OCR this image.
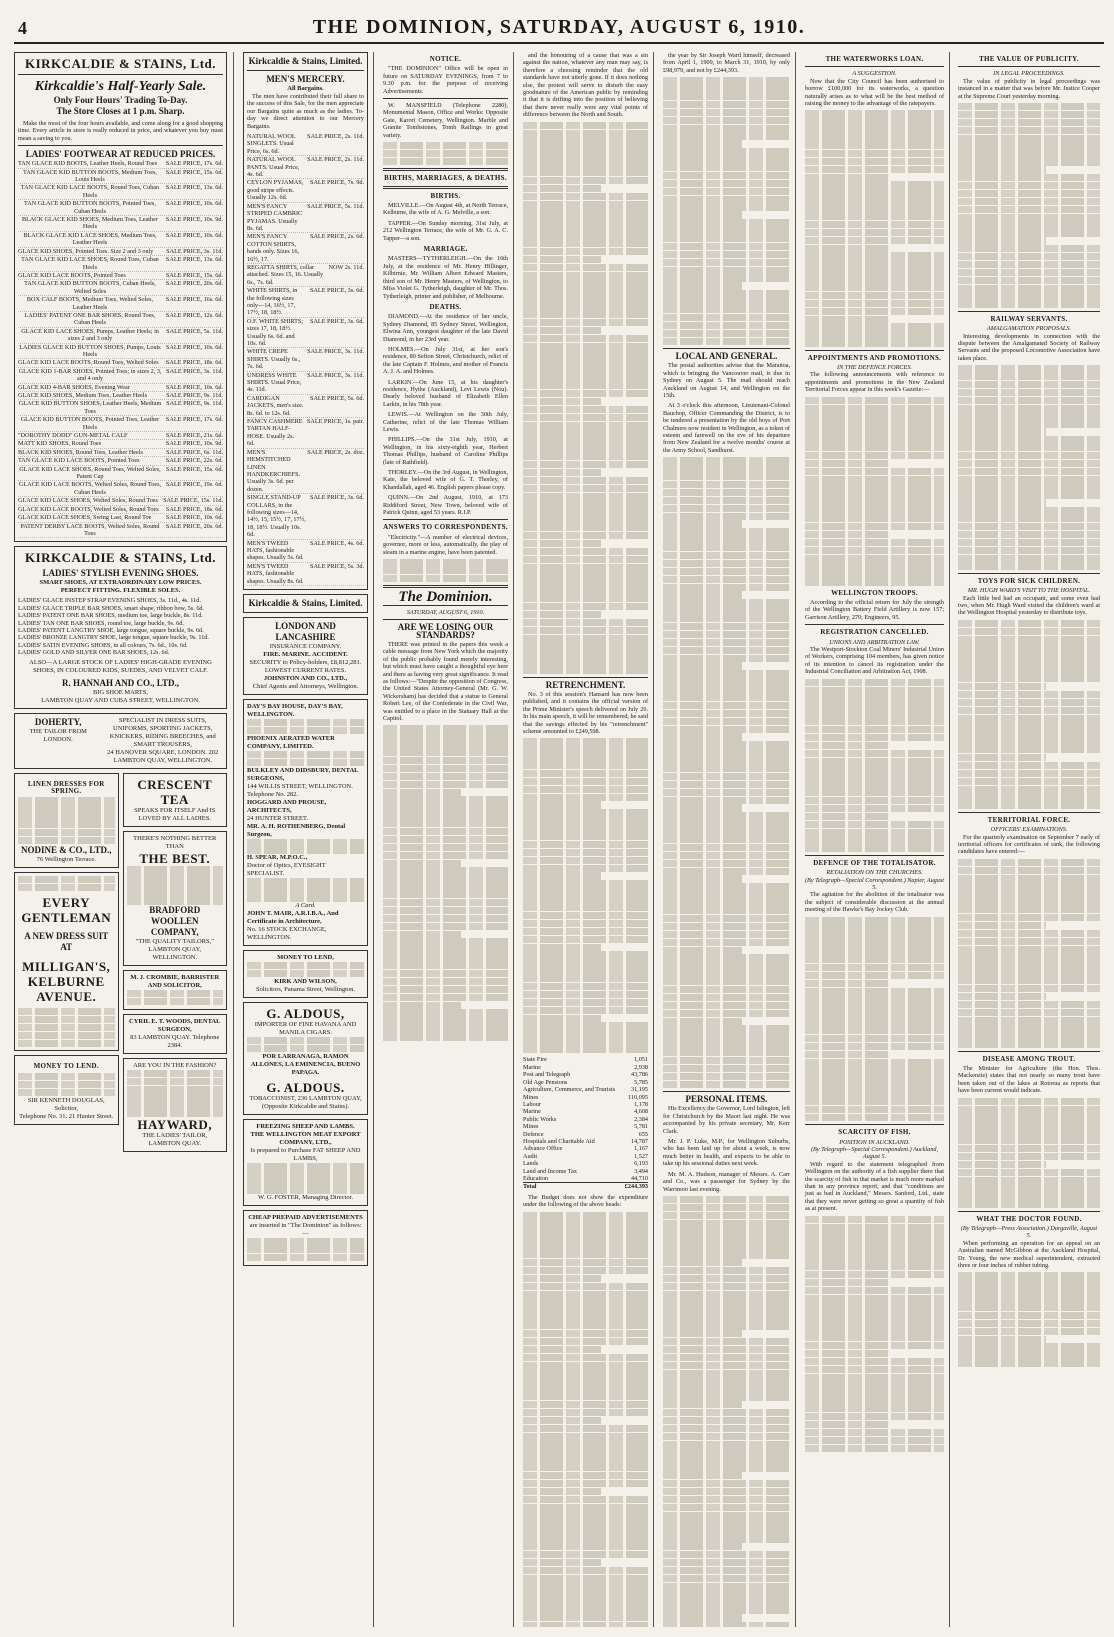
4	THE DOMINION, SATURDAY, AUGUST 6, 1910.
KIRKCALDIE & STAINS, Ltd.
Kirkcaldie's Half-Yearly Sale.
Only Four Hours' Trading To-Day.
The Store Closes at 1 p.m. Sharp.
Make the most of the four hours available, and come along for a good shopping time. Every article in store is really reduced in price, and whatever you buy must mean a saving to you.
LADIES' FOOTWEAR AT REDUCED PRICES.
TAN GLACE KID BOOTS, Leather Heels, Round Toes SALE PRICE, 17s. 6d.
TAN GLACE KID BUTTON BOOTS, Medium Toes, Louis Heels
SALE PRICE, 15s. 6d.
TAN GLACE KID LACE BOOTS, Round Toes, Cuban Heels
SALE PRICE, 13s. 6d.
TAN GLACE KID BUTTON BOOTS, Pointed Toes, Cuban Heels
SALE PRICE, 10s. 6d.
BLACK GLACE KID SHOES, Medium Toes, Leather Heels
SALE PRICE, 10s. 9d.
BLACK GLACE KID LACE SHOES, Medium Toes, Leather Heels
SALE PRICE, 10s. 6d.
GLACE KID SHOES, Pointed Toes. Size 2 and 3 only SALE PRICE, 3s. 11d.
TAN GLACE KID LACE SHOES, Round Toes, Cuban Heels
SALE PRICE, 13s. 6d.
GLACE KID LACE BOOTS, Pointed Toes	SALE PRICE, 15s. 6d.
TAN GLACE KID BUTTON BOOTS, Cuban Heels, Welted Soles
SALE PRICE, 20s. 6d.
BOX CALF BOOTS, Medium Toes, Welted Soles, Leather Heels
SALE PRICE, 16s. 6d.
LADIES' PATENT ONE BAR SHOES, Round Toes, Cuban Heels
SALE PRICE, 12s. 6d.
GLACE KID LACE SHOES, Pumps, Leather Heels; in sizes 2 and 3 only
SALE PRICE, 5s. 11d.
LADIES GLACE KID BUTTON SHOES, Pumps, Louis Heels
SALE PRICE, 10s. 6d.
GLACE KID LACE BOOTS, Round Toes, Welted Soles SALE PRICE, 18s. 6d.
GLACE KID 1-BAR SHOES, Pointed Toes; in sizes 2, 3, and 4 only
SALE PRICE, 3s. 11d.
GLACE KID 4-BAR SHOES, Evening Wear	SALE PRICE, 10s. 6d.
GLACE KID SHOES, Medium Toes, Leather Heels	SALE PRICE, 9s. 11d.
GLACE KID BUTTON SHOES, Leather Heels, Medium Toes
SALE PRICE, 9s. 11d.
GLACE KID BUTTON BOOTS, Pointed Toes, Leather Heels
SALE PRICE, 17s. 6d.
"DOROTHY DODD" GUN-METAL CALF	SALE PRICE, 21s. 6d.
MATT KID SHOES, Round Toes	SALE PRICE, 10s. 9d.
BLACK KID SHOES, Round Toes, Leather Heels	SALE PRICE, 6s. 11d.
TAN GLACE KID LACE BOOTS, Pointed Toes	SALE PRICE, 22s. 6d.
GLACE KID LACE SHOES, Round Toes, Welted Soles, Patent Cap
SALE PRICE, 15s. 6d.
GLACE KID LACE BOOTS, Welted Soles, Round Toes, Cuban Heels
SALE PRICE, 19s. 6d.
GLACE KID LACE SHOES, Welted Soles, Round Toes SALE PRICE, 15s. 11d.
GLACE KID LACE BOOTS, Welted Soles, Round Toes SALE PRICE, 18s. 6d.
GLACE KID LACE SHOES, Swing Last, Round Toe SALE PRICE, 10s. 6d.
PATENT DERBY LACE BOOTS, Welted Soles, Round Toes
SALE PRICE, 20s. 6d.
KIRKCALDIE & STAINS, Ltd.
LADIES' STYLISH EVENING SHOES.
SMART SHOES, AT EXTRAORDINARY LOW PRICES.
PERFECT FITTING. FLEXIBLE SOLES.
LADIES' GLACE INSTEP STRAP EVENING SHOES, 3s. 11d., 4s. 11d.
LADIES' GLACE TRIPLE BAR SHOES, smart shape, ribbon bow, 5s. 6d.
LADIES' PATENT ONE BAR SHOES, medium toe, large buckle, 8s. 11d.
LADIES' TAN ONE BAR SHOES, round toe, large buckle, 9s. 6d.
LADIES' PATENT LANGTRY SHOE, large tongue, square buckle, 9s. 6d.
LADIES' BRONZE LANGTRY SHOE, large tongue, square buckle, 9s. 11d.
LADIES' SATIN EVENING SHOES, in all colours, 7s. 6d., 10s. 6d.
LADIES' GOLD AND SILVER ONE BAR SHOES, 12s. 6d.
ALSO—A LARGE STOCK OF LADIES' HIGH-GRADE EVENING SHOES, IN COLOURED KIDS, SUEDES, AND VELVET CALF.
R. HANNAH AND CO., LTD.,
BIG SHOE MARTS,
LAMBTON QUAY AND CUBA STREET, WELLINGTON.
DOHERTY,
THE TAILOR FROM LONDON.
SPECIALIST IN DRESS SUITS, UNIFORMS, SPORTING JACKETS, KNICKERS, RIDING BREECHES, and SMART TROUSERS,
24 HANOVER SQUARE, LONDON. 202 LAMBTON QUAY, WELLINGTON.
LINEN DRESSES FOR SPRING.
NODINE & CO., LTD.,
76 Wellington Terrace.
EVERY GENTLEMAN
A NEW DRESS SUIT AT
MILLIGAN'S, KELBURNE AVENUE.
MONEY TO LEND.
SIR KENNETH DOUGLAS, Solicitor,
Telephone No. 31. 21 Hunter Street.
CRESCENT TEA
SPEAKS FOR ITSELF And IS LOVED BY ALL LADIES.
THERE'S NOTHING BETTER THAN
THE BEST.
BRADFORD WOOLLEN COMPANY,
"THE QUALITY TAILORS," LAMBTON QUAY, WELLINGTON.
M. J. CROMBIE, BARRISTER AND SOLICITOR,
CYRIL E. T. WOODS, DENTAL SURGEON,
83 LAMBTON QUAY. Telephone 2384.
ARE YOU IN THE FASHION?
HAYWARD,
THE LADIES' TAILOR, LAMBTON QUAY.
Kirkcaldie & Stains, Limited.
MEN'S MERCERY.
All Bargains.
The men have contributed their full share to the success of this Sale, for the men appreciate our Bargains quite as much as the ladies. To-day we direct attention to our Mercery Bargains.
NATURAL WOOL SINGLETS. Usual Price, 6s. 6d.
SALE PRICE, 2s. 11d.
NATURAL WOOL PANTS. Usual Price, 4s. 6d.
SALE PRICE, 2s. 11d.
CEYLON PYJAMAS, good stripe effects. Usually 12s. 6d.
SALE PRICE, 7s. 9d.
MEN'S FANCY STRIPED CAMBRIC PYJAMAS. Usually 8s. 6d.
SALE PRICE, 5s. 11d.
MEN'S FANCY COTTON SHIRTS, bands only. Sizes 16, 16½, 17.
SALE PRICE, 2s. 6d.
REGATTA SHIRTS, collar attached. Sizes 15, 16. Usually 6s., 7s. 6d.
NOW 2s. 11d.
WHITE SHIRTS, in the following sizes only—14, 16½, 17, 17½, 18, 18½.
SALE PRICE, 3s. 6d.
O.F. WHITE SHIRTS; sizes 17, 18, 18½. Usually 6s. 6d. and 10s. 6d.
SALE PRICE, 3s. 6d.
WHITE CREPE SHIRTS. Usually 6s., 7s. 6d.
SALE PRICE, 3s. 11d.
UNDRESS WHITE SHIRTS. Usual Price, 4s. 11d.
SALE PRICE, 3s. 11d.
CARDIGAN JACKETS, men's size. 8s. 6d. to 12s. 6d.
SALE PRICE, 5s. 6d.
FANCY CASHMERE TARTAN HALF-HOSE. Usually 2s. 6d.
SALE PRICE, 1s. pair.
MEN'S HEMSTITCHED LINEN HANDKERCHIEFS. Usually 3s. 6d. per dozen.
SALE PRICE, 2s. doz.
SINGLE STAND-UP COLLARS, in the following sizes—14, 14½, 15, 15½, 17, 17½, 18, 18½. Usually 10s. 6d.
SALE PRICE, 3s. 6d.
MEN'S TWEED HATS, fashionable shapes. Usually 5s. 6d.
SALE PRICE, 4s. 6d.
MEN'S TWEED HATS, fashionable shapes. Usually 8s. 6d.
SALE PRICE, 5s. 3d.
Kirkcaldie & Stains, Limited.
LONDON AND LANCASHIRE
INSURANCE COMPANY.
FIRE. MARINE. ACCIDENT.
SECURITY to Policy-holders, £8,812,281.
LOWEST CURRENT RATES.
JOHNSTON AND CO., LTD.,
Chief Agents and Attorneys, Wellington.
DAY'S BAY HOUSE, DAY'S BAY, WELLINGTON.
PHOENIX AERATED WATER COMPANY, LIMITED.
BULKLEY AND DIDSBURY, DENTAL SURGEONS,
144 WILLIS STREET, WELLINGTON. Telephone No. 282.
HOGGARD AND PROUSE, ARCHITECTS,
24 HUNTER STREET.
MR. A. H. ROTHENBERG, Dental Surgeon,
H. SPEAR, M.P.O.C.,
Doctor of Optics, EYESIGHT SPECIALIST.
A Card.
JOHN T. MAIR, A.R.I.B.A., And Certificate in Architecture,
No. 16 STOCK EXCHANGE, WELLINGTON.
MONEY TO LEND,
KIRK AND WILSON,
Solicitors, Panama Street, Wellington.
G. ALDOUS,
IMPORTER OF FINE HAVANA AND MANILA CIGARS.
POR LARRANAGA, RAMON ALLONES, LA EMINENCIA, BUENO PAPAGA.
G. ALDOUS.
TOBACCONIST, 236 LAMBTON QUAY,
(Opposite Kirkcaldie and Stains).
FREEZING SHEEP AND LAMBS.
THE WELLINGTON MEAT EXPORT COMPANY, LTD.,
Is prepared to Purchase FAT SHEEP AND LAMBS,
W. G. FOSTER, Managing Director.
CHEAP PREPAID ADVERTISEMENTS
are inserted in "The Dominion" as follows:—
NOTICE.
"THE DOMINION" Office will be open in future on SATURDAY EVENINGS, from 7 to 9.30 p.m. for the purpose of receiving Advertisements.
W. MANSFIELD (Telephone 2280), Monumental Mason, Office and Works: Opposite Gate, Karori Cemetery, Wellington. Marble and Granite Tombstones, Tomb Railings in great variety.
BIRTHS, MARRIAGES, & DEATHS.
BIRTHS.
MELVILLE.—On August 4th, at North Terrace, Kelburne, the wife of A. G. Melville, a son.
TAPPER.—On Sunday morning, 31st July, at 212 Wellington Terrace, the wife of Mr. G. A. C. Tapper—a son.
MARRIAGE.
MASTERS—TYTHERLEIGH.—On the 16th July, at the residence of Mr. Henry Hillinger, Kilbirnie, Mr. William Albert Edward Masters, third son of Mr. Henry Masters, of Wellington, to Miss Violet G. Tytherleigh, daughter of Mr. Thos. Tytherleigh, printer and publisher, of Melbourne.
DEATHS.
DIAMOND.—At the residence of her uncle, Sydney Diamond, 85 Sydney Street, Wellington, Elwina Ann, youngest daughter of the late David Diamond, in her 23rd year.
HOLMES.—On July 31st, at her son's residence, 80 Sefton Street, Christchurch, relict of the late Captain F. Holmes, and mother of Francis A. J. A. and Holmes.
LARKIN.—On June 15, at his daughter's residence, Hythe (Auckland), Levi Lewis (Nou). Dearly beloved husband of Elizabeth Ellen Larkin, in his 78th year.
LEWIS.—At Wellington on the 30th July, Catherine, relict of the late Thomas William Lewis.
PHILLIPS.—On the 31st July, 1910, at Wellington, in his sixty-eighth year, Herbert Thomas Phillips, husband of Caroline Phillips (late of Rathfield).
THORLEY.—On the 3rd August, in Wellington, Kate, the beloved wife of G. T. Thorley, of Khandallah, aged 46. English papers please copy.
QUINN.—On 2nd August, 1910, at 173 Riddiford Street, New Town, beloved wife of Patrick Quinn, aged 53 years. R.I.P.
ANSWERS TO CORRESPONDENTS.
"Electricity."—A number of electrical devices, governor, more or less, automatically, the play of steam in a marine engine, have been patented.
The Dominion.
SATURDAY, AUGUST 6, 1910.
ARE WE LOSING OUR STANDARDS?
THERE was printed in the papers this week a cable message from New York which the majority of the public probably found merely interesting, but which must have caught a thoughtful eye here and there as having very great significance. It read as follows:—"Despite the opposition of Congress, the United States Attorney-General (Mr. G. W. Wickersham) has decided that a statue to General Robert Lee, of the Confederate in the Civil War, was entitled to a place in the Statuary Hall at the Capitol.
and the honouring of a cause that was a sin against the nation, whatever any man may say, is therefore a choosing reminder that the old standards have not utterly gone. If it does nothing else, the protest will serve to disturb the easy goodnature of the American public by reminding it that it is drifting into the position of believing that there never really were any vital points of difference between the North and South.
RETRENCHMENT.
No. 3 of this session's Hansard has now been published, and it contains the official version of the Prime Minister's speech delivered on July 20. In his main speech, it will be remembered, he said that the savings effected by his "retrenchment" scheme amounted to £249,598.
State Fire	1,051
Marine	2,938
Post and Telegraph	43,786
Old Age Pensions	5,785
Agriculture, Commerce, and Tourists	31,195
Mines	110,095
Labour	1,178
Marine	4,608
Public Works	2,384
Mines	5,781
Defence	655
Hospitals and Charitable Aid	14,787
Advance Office	1,167
Audit	1,527
Lands	6,193
Land and Income Tax	3,494
Education	44,710
Total	£244,393
The Budget does not show the expenditure under the following of the above heads:
the year by Sir Joseph Ward himself, decreased from April 1, 1909, to March 31, 1910, by only £98,979, and not by £244,393.
LOCAL AND GENERAL.
The postal authorities advise that the Maranoa, which is bringing the Vancouver mail, is due in Sydney on August 5. The mail should reach Auckland on August 14, and Wellington on the 15th.
At 3 o'clock this afternoon, Lieutenant-Colonel Bauchop, Officer Commanding the District, is to be tendered a presentation by the old boys of Port Chalmers now resident in Wellington, as a token of esteem and farewell on the eve of his departure from New Zealand for a twelve months' course at the Army School, Sandhurst.
PERSONAL ITEMS.
His Excellency the Governor, Lord Islington, left for Christchurch by the Maori last night. He was accompanied by his private secretary, Mr. Kerr Clark.
Mr. J. P. Luke, M.P., for Wellington Suburbs, who has been laid up for about a week, is now much better in health, and expects to be able to take up his sessional duties next week.
Mr. M. A. Hudson, manager of Messrs. A. Carr and Co., was a passenger for Sydney by the Warrimoo last evening.
THE WATERWORKS LOAN.
A SUGGESTION.
Now that the City Council has been authorised to borrow £100,000 for its waterworks, a question naturally arises as to what will be the best method of raising the money to the advantage of the ratepayers.
APPOINTMENTS AND PROMOTIONS.
IN THE DEFENCE FORCES.
The following announcements with reference to appointments and promotions in the New Zealand Territorial Forces appear in this week's Gazette:—
WELLINGTON TROOPS.
According to the official return for July the strength of the Wellington Battery Field Artillery is now 157; Garrison Artillery, 270; Engineers, 95.
REGISTRATION CANCELLED.
UNIONS AND ARBITRATION LAW.
The Westport-Stockton Coal Miners' Industrial Union of Workers, comprising 104 members, has given notice of its intention to cancel its registration under the Industrial Conciliation and Arbitration Act, 1908.
DEFENCE OF THE TOTALISATOR.
RETALIATION ON THE CHURCHES.
(By Telegraph—Special Correspondent.) Napier, August 5.
The agitation for the abolition of the totalisator was the subject of considerable discussion at the annual meeting of the Hawke's Bay Jockey Club.
SCARCITY OF FISH.
POSITION IN AUCKLAND.
(By Telegraph—Special Correspondent.) Auckland, August 5.
With regard to the statement telegraphed from Wellington on the authority of a fish supplier there that the scarcity of fish in that market is much more marked than in any province report, and that "conditions are just as bad in Auckland," Messrs. Sanford, Ltd., state that they were never getting so great a quantity of fish as at present.
THE VALUE OF PUBLICITY.
IN LEGAL PROCEEDINGS.
The value of publicity in legal proceedings was instanced in a matter that was before Mr. Justice Cooper at the Supreme Court yesterday morning.
RAILWAY SERVANTS.
AMALGAMATION PROPOSALS.
Interesting developments in connection with the dispute between the Amalgamated Society of Railway Servants and the proposed Locomotive Association have taken place.
TOYS FOR SICK CHILDREN.
MR. HUGH WARD'S VISIT TO THE HOSPITAL.
Each little bed had an occupant, and some even had two, when Mr. Hugh Ward visited the children's ward at the Wellington Hospital yesterday to distribute toys.
TERRITORIAL FORCE.
OFFICERS' EXAMINATIONS.
For the quarterly examination on September 7 early of territorial officers for certificates of rank, the following candidates have entered:—
DISEASE AMONG TROUT.
The Minister for Agriculture (the Hon. Thos. Mackenzie) states that not nearly so many trout have been taken out of the lakes at Rotorua as reports that have been current would indicate.
WHAT THE DOCTOR FOUND.
(By Telegraph—Press Association.) Dargaville, August 5.
When performing an operation for an appeal on an Australian named McGibbon at the Auckland Hospital, Dr. Young, the new medical superintendent, extracted three or four inches of rubber tubing.
